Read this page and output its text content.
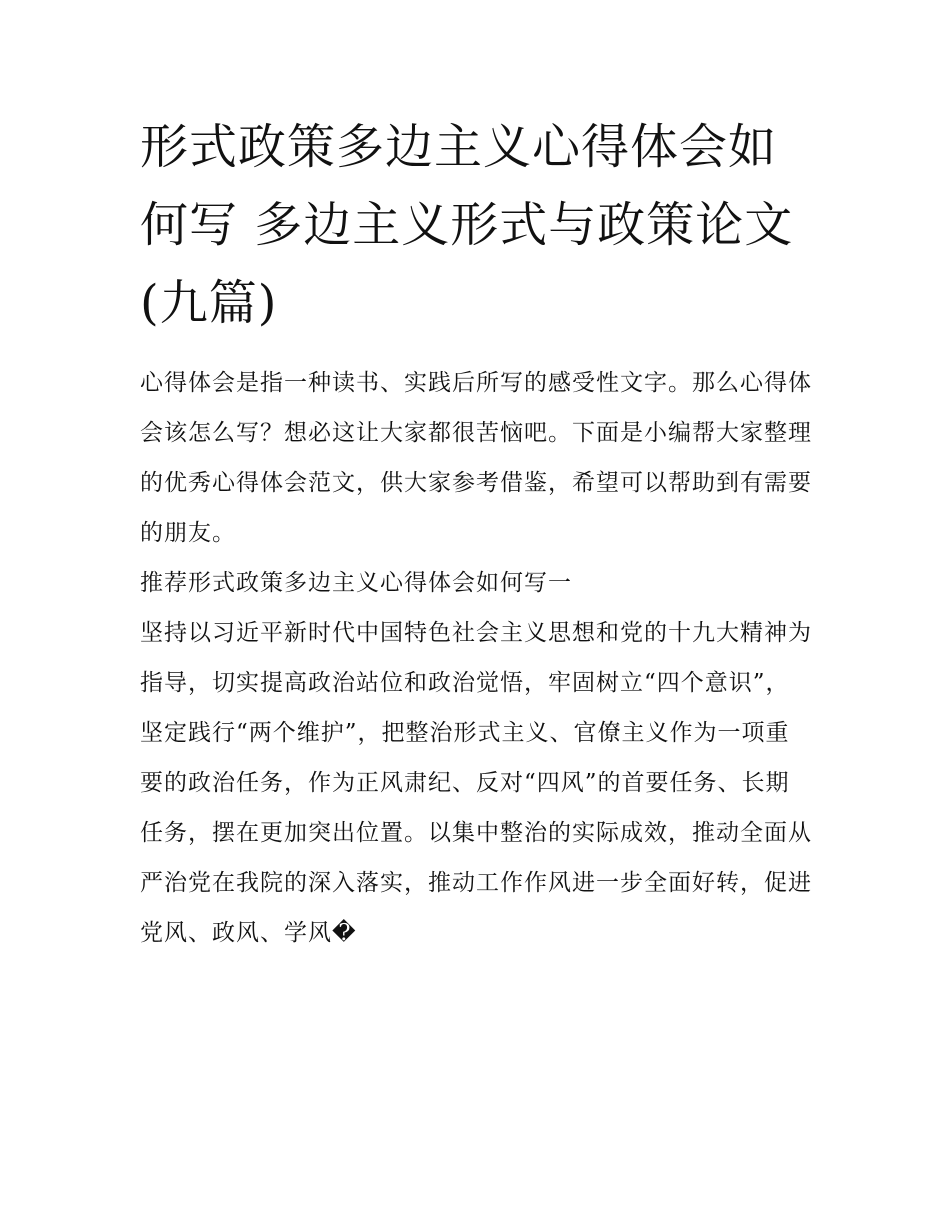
形式政策多边主义心得体会如何写 多边主义形式与政策论文(九篇)

心得体会是指一种读书、实践后所写的感受性文字。那么心得体会该怎么写？想必这让大家都很苦恼吧。下面是小编帮大家整理的优秀心得体会范文，供大家参考借鉴，希望可以帮助到有需要的朋友。

推荐形式政策多边主义心得体会如何写一

坚持以习近平新时代中国特色社会主义思想和党的十九大精神为指导，切实提高政治站位和政治觉悟，牢固树立“四个意识”，坚定践行“两个维护”，把整治形式主义、官僚主义作为一项重要的政治任务，作为正风肃纪、反对“四风”的首要任务、长期任务，摆在更加突出位置。以集中整治的实际成效，推动全面从严治党在我院的深入落实，推动工作作风进一步全面好转，促进党风、政风、学风�
